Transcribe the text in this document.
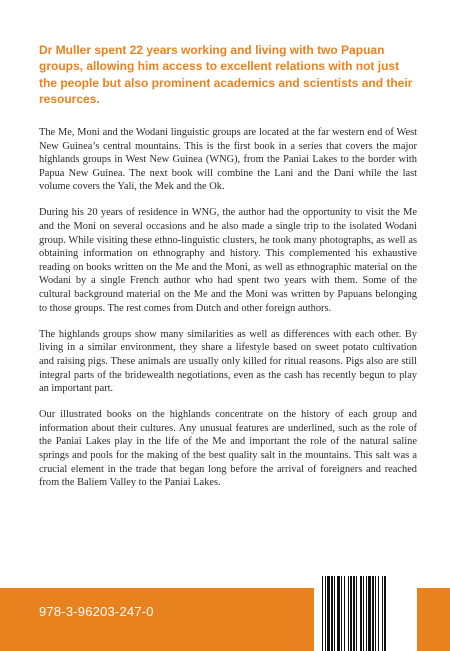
Dr Muller spent 22 years working and living with two Papuan groups, allowing him access to excellent relations with not just the people but also prominent academics and scientists and their resources.

The Me, Moni and the Wodani linguistic groups are located at the far western end of West New Guinea’s central mountains. This is the first book in a series that covers the major highlands groups in West New Guinea (WNG), from the Paniai Lakes to the border with Papua New Guinea. The next book will combine the Lani and the Dani while the last volume covers the Yali, the Mek and the Ok.

During his 20 years of residence in WNG, the author had the opportunity to visit the Me and the Moni on several occasions and he also made a single trip to the isolated Wodani group. While visiting these ethno-linguistic clusters, he took many photographs, as well as obtaining information on ethnography and history. This complemented his exhaustive reading on books written on the Me and the Moni, as well as ethnographic material on the Wodani by a single French author who had spent two years with them. Some of the cultural background material on the Me and the Moni was written by Papuans belonging to those groups. The rest comes from Dutch and other foreign authors.

The highlands groups show many similarities as well as differences with each other. By living in a similar environment, they share a lifestyle based on sweet potato cultivation and raising pigs. These animals are usually only killed for ritual reasons. Pigs also are still integral parts of the bridewealth negotiations, even as the cash has recently begun to play an important part.

Our illustrated books on the highlands concentrate on the history of each group and information about their cultures. Any unusual features are underlined, such as the role of the Paniai Lakes play in the life of the Me and important the role of the natural saline springs and pools for the making of the best quality salt in the mountains. This salt was a crucial element in the trade that began long before the arrival of foreigners and reached from the Baliem Valley to the Paniai Lakes.

978-3-96203-247-0
